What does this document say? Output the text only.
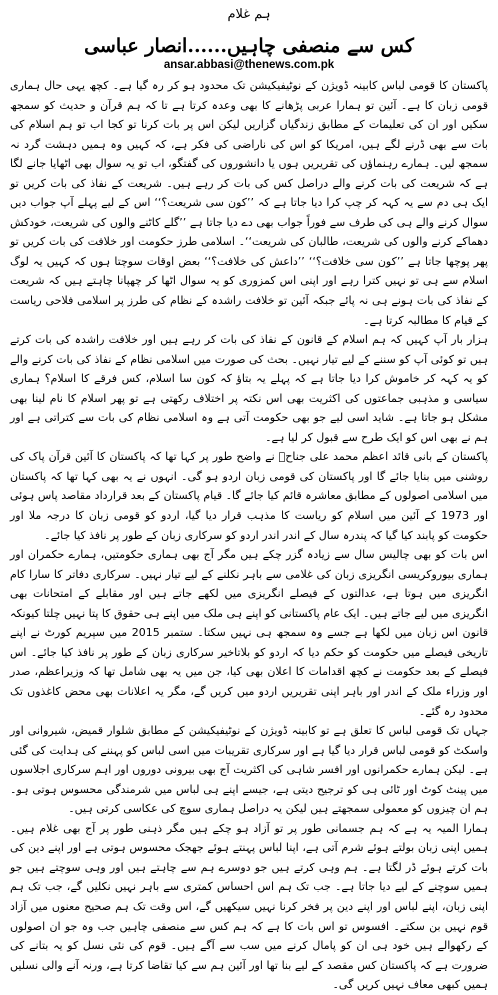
ہم غلام
کس سے منصفی چاہیں......انصار عباسی
ansar.abbasi@thenews.com.pk

پاکستان کا قومی لباس کابینہ ڈویژن کے نوٹیفیکیشن تک محدود ہو کر رہ گیا ہے۔ کچھ یہی حال ہماری قومی زبان کا ہے۔ آئین تو ہمارا عربی پڑھانے کا بھی وعدہ کرتا ہے تا کہ ہم قرآن و حدیث کو سمجھ سکیں اور ان کی تعلیمات کے مطابق زندگیاں گزاریں لیکن اس پر بات کرنا تو کجا اب تو ہم اسلام کی بات سے بھی ڈرنے لگے ہیں، امریکا کو اس کی ناراضی کی فکر ہے، کہ کہیں وہ ہمیں دہشت گرد نہ سمجھ لیں۔ ہمارے رہنماؤں کی تقریریں ہوں یا دانشوروں کی گفتگو، اب تو یہ سوال بھی اٹھایا جانے لگا ہے کہ شریعت کی بات کرنے والے دراصل کس کی بات کر رہے ہیں۔ شریعت کے نفاذ کی بات کریں تو ایک ہی دم سے یہ کہہ کر چپ کرا دیا جاتا ہے کہ ’’کون سی شریعت؟‘‘ اس کے لیے پہلے آپ جواب دیں سوال کرنے والے ہی کی طرف سے فوراً جواب بھی دے دیا جاتا ہے ’’گلے کاٹنے والوں کی شریعت، خودکش دھماکے کرنے والوں کی شریعت، طالبان کی شریعت‘‘۔ اسلامی طرز حکومت اور خلافت کی بات کریں تو پھر پوچھا جاتا ہے ’’کون سی خلافت؟‘‘ ’’داعش کی خلافت؟‘‘ بعض اوقات سوچتا ہوں کہ کہیں یہ لوگ اسلام سے ہی تو نہیں کترا رہے اور اپنی اس کمزوری کو یہ سوال اٹھا کر چھپانا چاہتے ہیں کہ شریعت کے نفاذ کی بات ہونے ہی نہ پائے جبکہ آئین تو خلافت راشدہ کے نظام کی طرز پر اسلامی فلاحی ریاست کے قیام کا مطالبہ کرتا ہے۔

ہزار بار آپ کہیں کہ ہم اسلام کے قانون کے نفاذ کی بات کر رہے ہیں اور خلافت راشدہ کی بات کرتے ہیں تو کوئی آپ کو سننے کے لیے تیار نہیں۔ بحث کی صورت میں اسلامی نظام کے نفاذ کی بات کرنے والے کو یہ کہہ کر خاموش کرا دیا جاتا ہے کہ پہلے یہ بتاؤ کہ کون سا اسلام، کس فرقے کا اسلام؟ ہماری سیاسی و مذہبی جماعتوں کی اکثریت بھی اس نکتہ پر اختلاف رکھتی ہے تو پھر اسلام کا نام لینا بھی مشکل ہو جاتا ہے۔ شاید اسی لیے جو بھی حکومت آتی ہے وہ اسلامی نظام کی بات سے کتراتی ہے اور ہم نے بھی اس کو ایک طرح سے قبول کر لیا ہے۔

پاکستان کے بانی قائد اعظم محمد علی جناحؒ نے واضح طور پر کہا تھا کہ پاکستان کا آئین قرآن پاک کی روشنی میں بنایا جائے گا اور پاکستان کی قومی زبان اردو ہو گی۔ انہوں نے یہ بھی کہا تھا کہ پاکستان میں اسلامی اصولوں کے مطابق معاشرہ قائم کیا جائے گا۔ قیام پاکستان کے بعد قرارداد مقاصد پاس ہوئی اور 1973 کے آئین میں اسلام کو ریاست کا مذہب قرار دیا گیا، اردو کو قومی زبان کا درجہ ملا اور حکومت کو پابند کیا گیا کہ پندرہ سال کے اندر اندر اردو کو سرکاری زبان کے طور پر نافذ کیا جائے۔

اس بات کو بھی چالیس سال سے زیادہ گزر چکے ہیں مگر آج بھی ہماری حکومتیں، ہمارے حکمران اور ہماری بیوروکریسی انگریزی زبان کی غلامی سے باہر نکلنے کے لیے تیار نہیں۔ سرکاری دفاتر کا سارا کام انگریزی میں ہوتا ہے، عدالتوں کے فیصلے انگریزی میں لکھے جاتے ہیں اور مقابلے کے امتحانات بھی انگریزی میں لیے جاتے ہیں۔ ایک عام پاکستانی کو اپنے ہی ملک میں اپنے ہی حقوق کا پتا نہیں چلتا کیونکہ قانون اس زبان میں لکھا ہے جسے وہ سمجھ ہی نہیں سکتا۔ ستمبر 2015 میں سپریم کورٹ نے اپنے تاریخی فیصلے میں حکومت کو حکم دیا کہ اردو کو بلاتاخیر سرکاری زبان کے طور پر نافذ کیا جائے۔ اس فیصلے کے بعد حکومت نے کچھ اقدامات کا اعلان بھی کیا، جن میں یہ بھی شامل تھا کہ وزیراعظم، صدر اور وزراء ملک کے اندر اور باہر اپنی تقریریں اردو میں کریں گے، مگر یہ اعلانات بھی محض کاغذوں تک محدود رہ گئے۔

جہاں تک قومی لباس کا تعلق ہے تو کابینہ ڈویژن کے نوٹیفیکیشن کے مطابق شلوار قمیض، شیروانی اور واسکٹ کو قومی لباس قرار دیا گیا ہے اور سرکاری تقریبات میں اسی لباس کو پہننے کی ہدایت کی گئی ہے۔ لیکن ہمارے حکمرانوں اور افسر شاہی کی اکثریت آج بھی بیرونی دوروں اور اہم سرکاری اجلاسوں میں پینٹ کوٹ اور ٹائی ہی کو ترجیح دیتی ہے، جیسے اپنے ہی لباس میں شرمندگی محسوس ہوتی ہو۔ ہم ان چیزوں کو معمولی سمجھتے ہیں لیکن یہ دراصل ہماری سوچ کی عکاسی کرتی ہیں۔

ہمارا المیہ یہ ہے کہ ہم جسمانی طور پر تو آزاد ہو چکے ہیں مگر ذہنی طور پر آج بھی غلام ہیں۔ ہمیں اپنی زبان بولتے ہوئے شرم آتی ہے، اپنا لباس پہنتے ہوئے جھجک محسوس ہوتی ہے اور اپنے دین کی بات کرتے ہوئے ڈر لگتا ہے۔ ہم وہی کرتے ہیں جو دوسرے ہم سے چاہتے ہیں اور وہی سوچتے ہیں جو ہمیں سوچنے کے لیے دیا جاتا ہے۔ جب تک ہم اس احساس کمتری سے باہر نہیں نکلیں گے، جب تک ہم اپنی زبان، اپنے لباس اور اپنے دین پر فخر کرنا نہیں سیکھیں گے، اس وقت تک ہم صحیح معنوں میں آزاد قوم نہیں بن سکتے۔ افسوس تو اس بات کا ہے کہ ہم کس سے منصفی چاہیں جب وہ جو ان اصولوں کے رکھوالے ہیں خود ہی ان کو پامال کرنے میں سب سے آگے ہیں۔ قوم کی نئی نسل کو یہ بتانے کی ضرورت ہے کہ پاکستان کس مقصد کے لیے بنا تھا اور آئین ہم سے کیا تقاضا کرتا ہے، ورنہ آنے والی نسلیں ہمیں کبھی معاف نہیں کریں گی۔
